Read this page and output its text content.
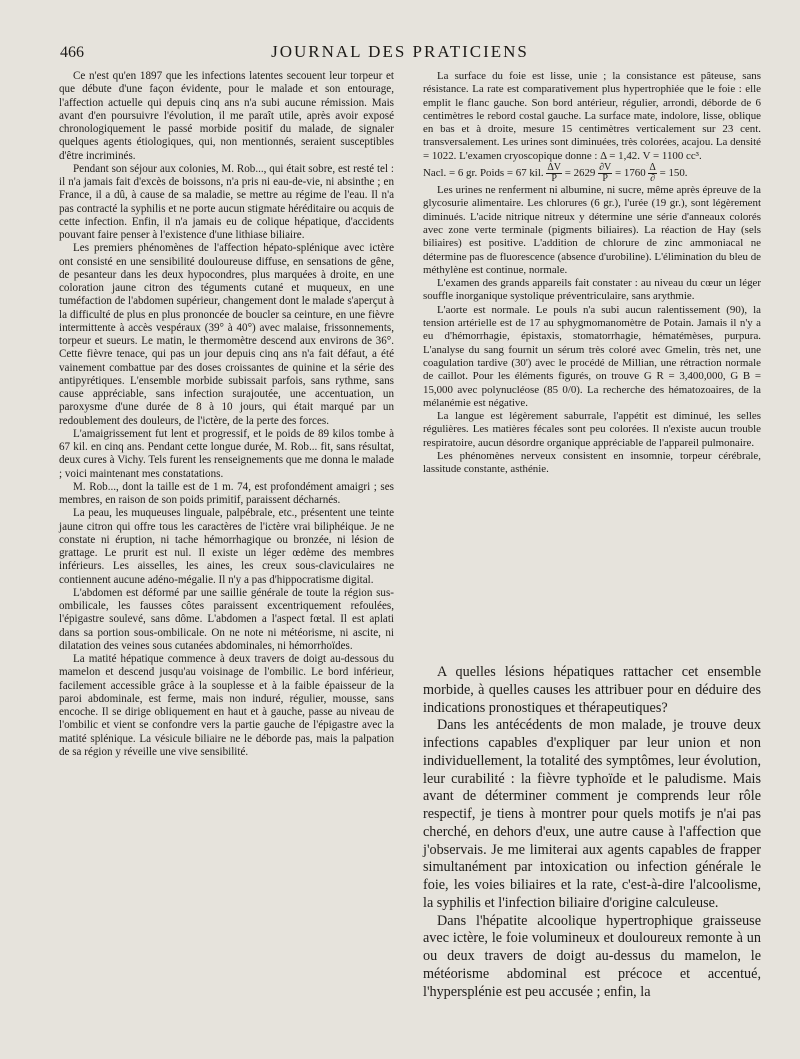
466	JOURNAL DES PRATICIENS

Ce n'est qu'en 1897 que les infections latentes secouent leur torpeur et que débute d'une façon évidente, pour le malade et son entourage, l'affection actuelle qui depuis cinq ans n'a subi aucune rémission. Mais avant d'en poursuivre l'évolution, il me paraît utile, après avoir exposé chronologiquement le passé morbide positif du malade, de signaler quelques agents étiologiques, qui, non mentionnés, seraient susceptibles d'être incriminés.

Pendant son séjour aux colonies, M. Rob..., qui était sobre, est resté tel : il n'a jamais fait d'excès de boissons, n'a pris ni eau-de-vie, ni absinthe ; en France, il a dû, à cause de sa maladie, se mettre au régime de l'eau. Il n'a pas contracté la syphilis et ne porte aucun stigmate héréditaire ou acquis de cette infection. Enfin, il n'a jamais eu de colique hépatique, d'accidents pouvant faire penser à l'existence d'une lithiase biliaire.

Les premiers phénomènes de l'affection hépato-splénique avec ictère ont consisté en une sensibilité douloureuse diffuse, en sensations de gêne, de pesanteur dans les deux hypocondres, plus marquées à droite, en une coloration jaune citron des téguments cutané et muqueux, en une tuméfaction de l'abdomen supérieur, changement dont le malade s'aperçut à la difficulté de plus en plus prononcée de boucler sa ceinture, en une fièvre intermittente à accès vespéraux (39° à 40°) avec malaise, frissonnements, torpeur et sueurs. Le matin, le thermomètre descend aux environs de 36°. Cette fièvre tenace, qui pas un jour depuis cinq ans n'a fait défaut, a été vainement combattue par des doses croissantes de quinine et la série des antipyrétiques. L'ensemble morbide subissait parfois, sans rythme, sans cause appréciable, sans infection surajoutée, une accentuation, un paroxysme d'une durée de 8 à 10 jours, qui était marqué par un redoublement des douleurs, de l'ictère, de la perte des forces.

L'amaigrissement fut lent et progressif, et le poids de 89 kilos tombe à 67 kil. en cinq ans. Pendant cette longue durée, M. Rob... fit, sans résultat, deux cures à Vichy. Tels furent les renseignements que me donna le malade ; voici maintenant mes constatations.

M. Rob..., dont la taille est de 1 m. 74, est profondément amaigri ; ses membres, en raison de son poids primitif, paraissent décharnés.

La peau, les muqueuses linguale, palpébrale, etc., présentent une teinte jaune citron qui offre tous les caractères de l'ictère vrai biliphéique. Je ne constate ni éruption, ni tache hémorrhagique ou bronzée, ni lésion de grattage. Le prurit est nul. Il existe un léger œdème des membres inférieurs. Les aisselles, les aines, les creux sous-claviculaires ne contiennent aucune adéno-mégalie. Il n'y a pas d'hippocratisme digital.

L'abdomen est déformé par une saillie générale de toute la région sus-ombilicale, les fausses côtes paraissent excentriquement refoulées, l'épigastre soulevé, sans dôme. L'abdomen a l'aspect fœtal. Il est aplati dans sa portion sous-ombilicale. On ne note ni météorisme, ni ascite, ni dilatation des veines sous cutanées abdominales, ni hémorrhoïdes.

La matité hépatique commence à deux travers de doigt au-dessous du mamelon et descend jusqu'au voisinage de l'ombilic. Le bord inférieur, facilement accessible grâce à la souplesse et à la faible épaisseur de la paroi abdominale, est ferme, mais non induré, régulier, mousse, sans encoche. Il se dirige obliquement en haut et à gauche, passe au niveau de l'ombilic et vient se confondre vers la partie gauche de l'épigastre avec la matité splénique. La vésicule biliaire ne le déborde pas, mais la palpation de sa région y réveille une vive sensibilité.

La surface du foie est lisse, unie ; la consistance est pâteuse, sans résistance. La rate est comparativement plus hypertrophiée que le foie : elle emplit le flanc gauche. Son bord antérieur, régulier, arrondi, déborde de 6 centimètres le rebord costal gauche. La surface mate, indolore, lisse, oblique en bas et à droite, mesure 15 centimètres verticalement sur 23 cent. transversalement. Les urines sont diminuées, très colorées, acajou. La densité = 1022. L'examen cryoscopique donne : Δ = 1,42. V = 1100 cc³.

Nacl. = 6 gr. Poids = 67 kil. $\frac{\Delta V}{P} = 2629 \frac{\partial V}{P} = 1760 \frac{\Delta}{\partial} = 150$.

Les urines ne renferment ni albumine, ni sucre, même après épreuve de la glycosurie alimentaire. Les chlorures (6 gr.), l'urée (19 gr.), sont légèrement diminués. L'acide nitrique nitreux y détermine une série d'anneaux colorés avec zone verte terminale (pigments biliaires). La réaction de Hay (sels biliaires) est positive. L'addition de chlorure de zinc ammoniacal ne détermine pas de fluorescence (absence d'urobiline). L'élimination du bleu de méthylène est continue, normale.

L'examen des grands appareils fait constater : au niveau du cœur un léger souffle inorganique systolique préventriculaire, sans arythmie.

L'aorte est normale. Le pouls n'a subi aucun ralentissement (90), la tension artérielle est de 17 au sphygmomanomètre de Potain. Jamais il n'y a eu d'hémorrhagie, épistaxis, stomatorrhagie, hématémèses, purpura. L'analyse du sang fournit un sérum très coloré avec Gmelin, très net, une coagulation tardive (30') avec le procédé de Millian, une rétraction normale de caillot. Pour les éléments figurés, on trouve G R = 3,400,000, G B = 15,000 avec polynucléose (85 0/0). La recherche des hématozoaires, de la mélanémie est négative.

La langue est légèrement saburrale, l'appétit est diminué, les selles régulières. Les matières fécales sont peu colorées. Il n'existe aucun trouble respiratoire, aucun désordre organique appréciable de l'appareil pulmonaire.

Les phénomènes nerveux consistent en insomnie, torpeur cérébrale, lassitude constante, asthénie.

A quelles lésions hépatiques rattacher cet ensemble morbide, à quelles causes les attribuer pour en déduire des indications pronostiques et thérapeutiques?

Dans les antécédents de mon malade, je trouve deux infections capables d'expliquer par leur union et non individuellement, la totalité des symptômes, leur évolution, leur curabilité : la fièvre typhoïde et le paludisme. Mais avant de déterminer comment je comprends leur rôle respectif, je tiens à montrer pour quels motifs je n'ai pas cherché, en dehors d'eux, une autre cause à l'affection que j'observais. Je me limiterai aux agents capables de frapper simultanément par intoxication ou infection générale le foie, les voies biliaires et la rate, c'est-à-dire l'alcoolisme, la syphilis et l'infection biliaire d'origine calculeuse.

Dans l'hépatite alcoolique hypertrophique graisseuse avec ictère, le foie volumineux et douloureux remonte à un ou deux travers de doigt au-dessus du mamelon, le météorisme abdominal est précoce et accentué, l'hypersplénie est peu accusée ; enfin, la
